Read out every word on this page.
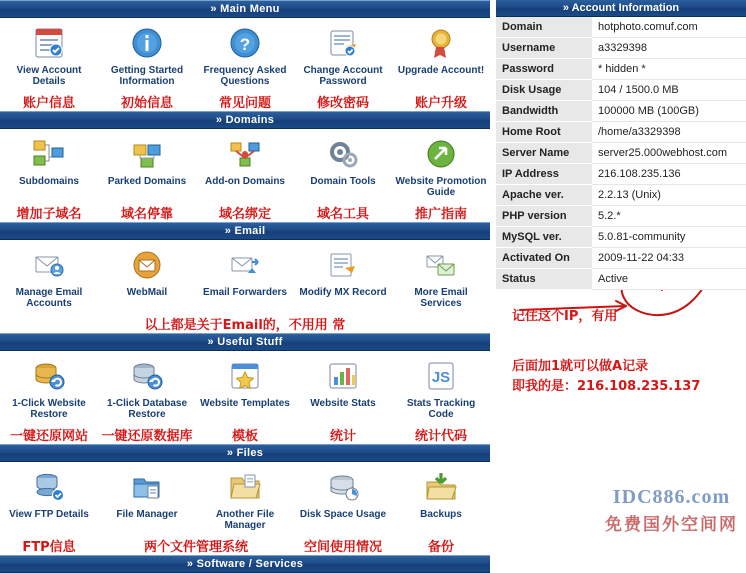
» Main Menu
View Account Details
Getting Started Information
?
Frequency Asked Questions
Change Account Password
Upgrade Account!
账户信息	初始信息	常见问题	修改密码	账户升级
» Domains
Subdomains	Parked Domains	Add-on Domains	Domain Tools	Website Promotion Guide
增加子域名	域名停靠	域名绑定	域名工具	推广指南
» Email
Manage Email Accounts
WebMail	Email Forwarders	Modify MX Record	More Email Services
以上都是关于Email的，不用用 常
» Useful Stuff
1-Click Website Restore
1-Click Database Restore
Website Templates	Website Stats
JS
Stats Tracking Code
一键还原网站	一键还原数据库	模板	统计	统计代码
» Files
View FTP Details	File Manager	Another File Manager
Disk Space Usage	Backups
FTP信息	两个文件管理系统	空间使用情况	备份
» Software / Services
» Account Information
Domain	hotphoto.comuf.com
Username	a3329398
Password	* hidden *
Disk Usage	104 / 1500.0 MB
Bandwidth	100000 MB (100GB)
Home Root	/home/a3329398
Server Name	server25.000webhost.com
IP Address	216.108.235.136
Apache ver.	2.2.13 (Unix)
PHP version	5.2.*
MySQL ver.	5.0.81-community
Activated On	2009-11-22 04:33
Status	Active
记住这个IP，有用
后面加1就可以做A记录
即我的是：216.108.235.137
IDC886.com
免费国外空间网
